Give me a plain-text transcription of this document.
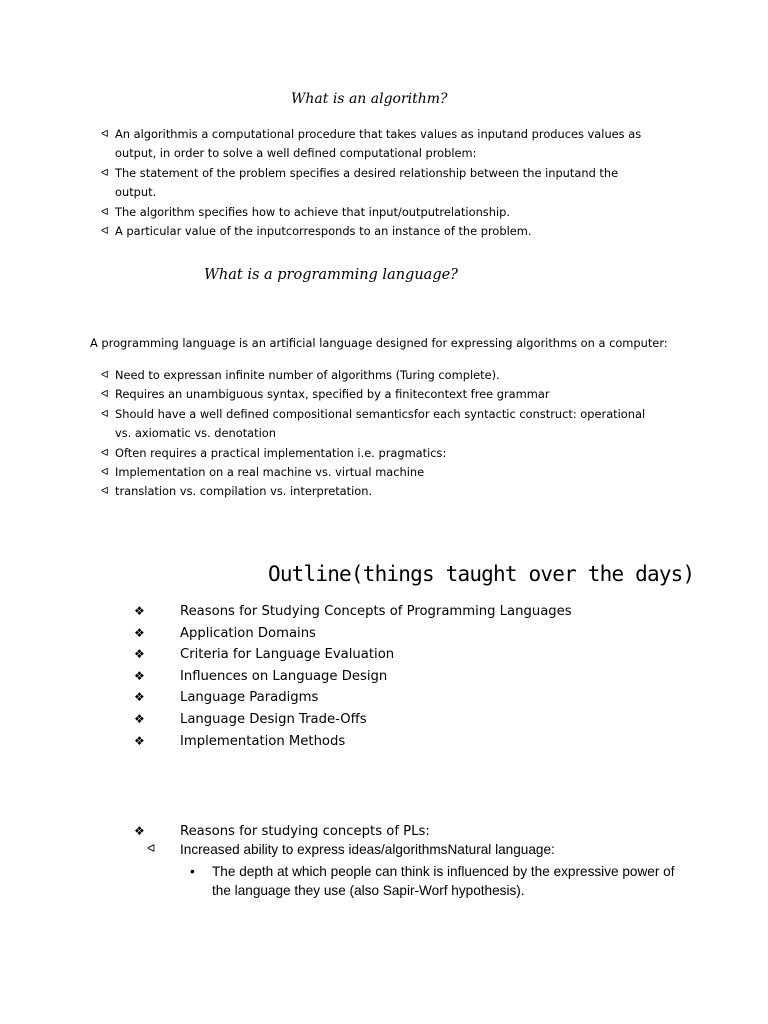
What is an algorithm?
ᐊ An algorithmis a computational procedure that takes values as inputand produces values as output, in order to solve a well defined computational problem:
ᐊ The statement of the problem specifies a desired relationship between the inputand the output.
ᐊ The algorithm specifies how to achieve that input/outputrelationship.
ᐊ A particular value of the inputcorresponds to an instance of the problem.
What is a programming language?
A programming language is an artificial language designed for expressing algorithms on a computer:
ᐊ Need to expressan infinite number of algorithms (Turing complete).
ᐊ Requires an unambiguous syntax, specified by a finitecontext free grammar
ᐊ Should have a well defined compositional semanticsfor each syntactic construct: operational vs. axiomatic vs. denotation
ᐊ Often requires a practical implementation i.e. pragmatics:
ᐊ Implementation on a real machine vs. virtual machine
ᐊ translation vs. compilation vs. interpretation.
Outline(things taught over the days)
❖	Reasons for Studying Concepts of Programming Languages
❖	Application Domains
❖	Criteria for Language Evaluation
❖	Influences on Language Design
❖	Language Paradigms
❖	Language Design Trade-Offs
❖	Implementation Methods
❖	Reasons for studying concepts of PLs:
ᐊ Increased ability to express ideas/algorithmsNatural language:
•	The depth at which people can think is influenced by the expressive power of the language they use (also Sapir-Worf hypothesis).
